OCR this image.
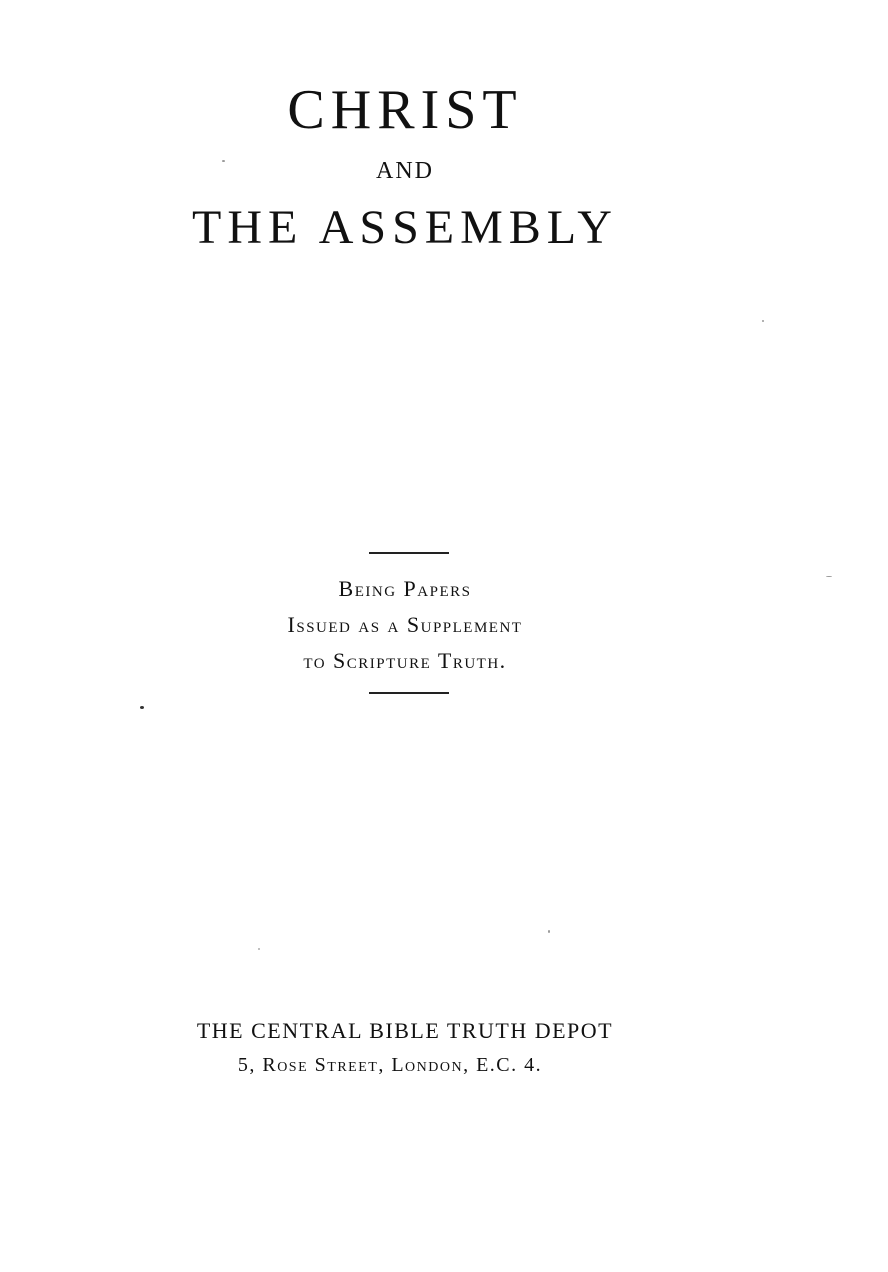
CHRIST
AND
THE ASSEMBLY
Being Papers
Issued as a Supplement
to Scripture Truth.
THE CENTRAL BIBLE TRUTH DEPOT
5, Rose Street, London, E.C. 4.
